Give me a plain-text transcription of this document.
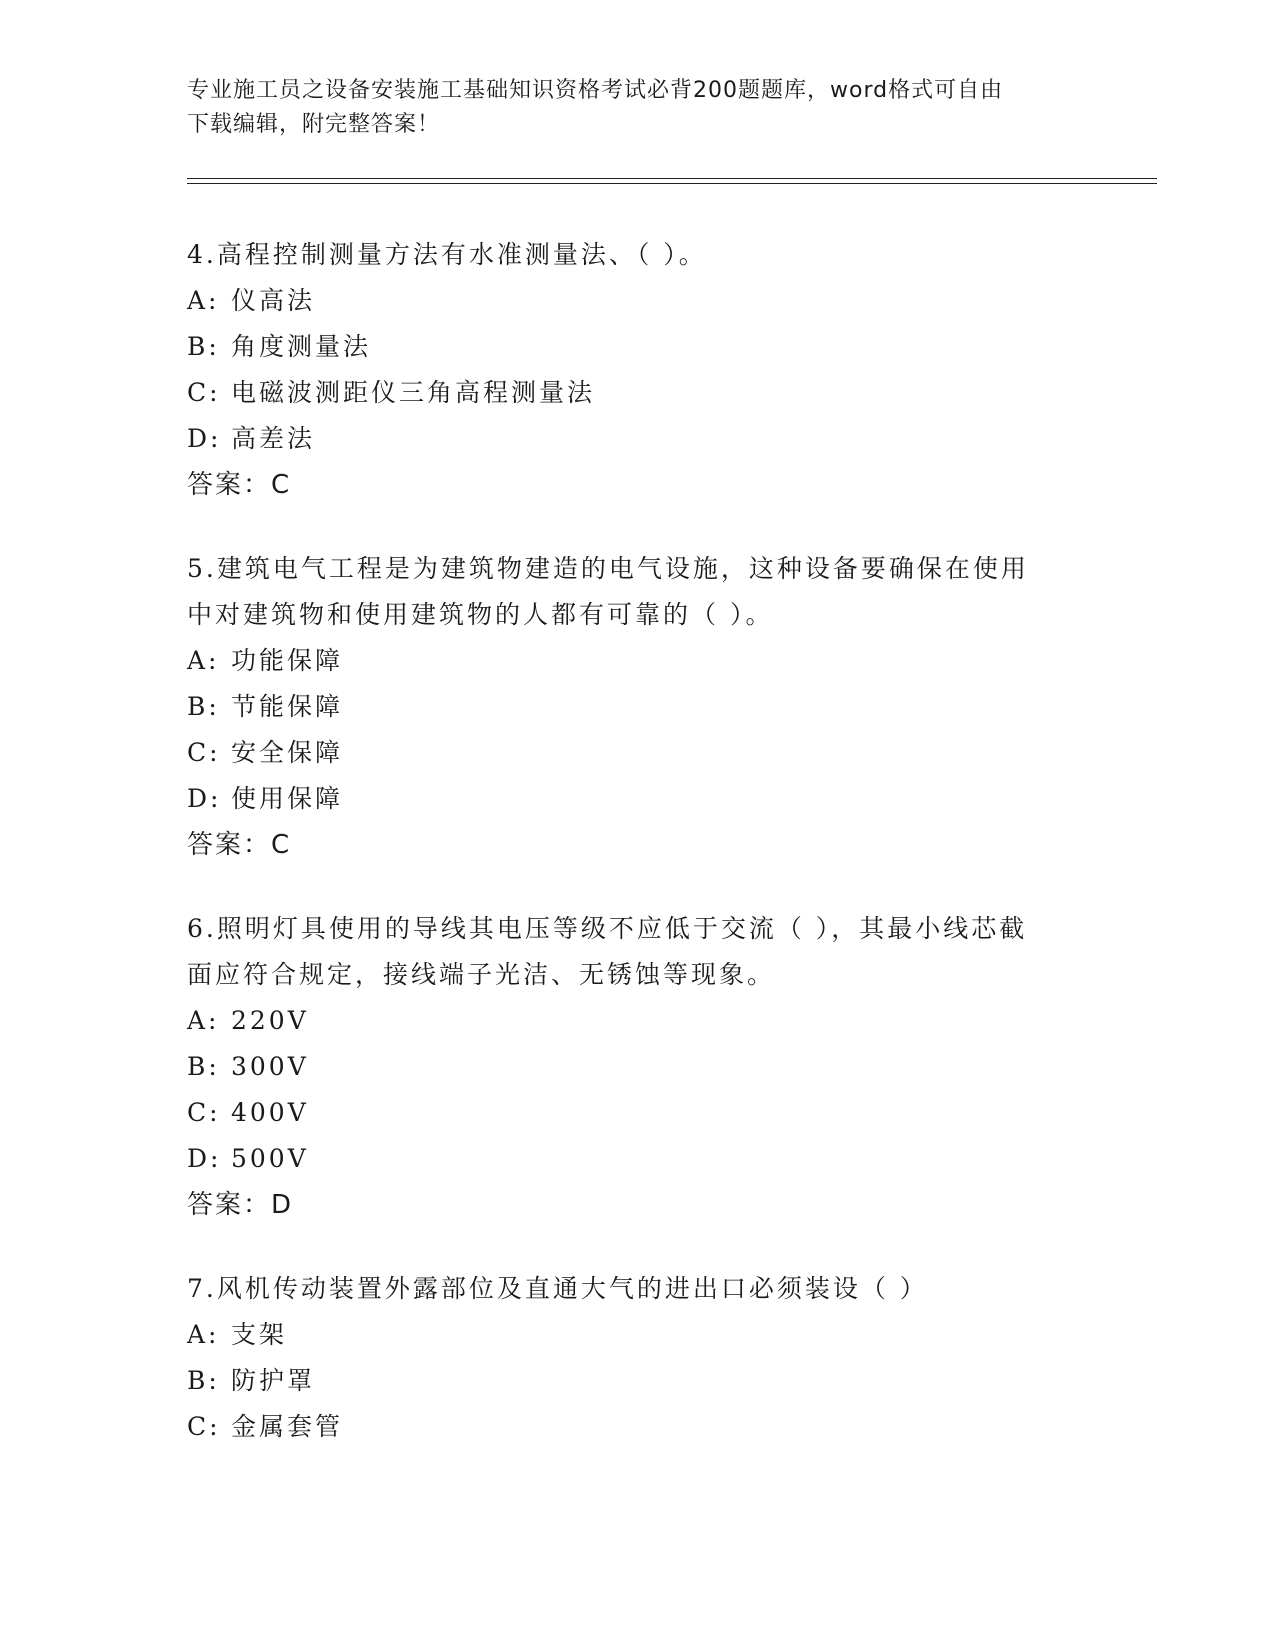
专业施工员之设备安装施工基础知识资格考试必背200题题库，word格式可自由
下载编辑，附完整答案！
4.高程控制测量方法有水准测量法、（ ）。
A: 仪高法
B: 角度测量法
C: 电磁波测距仪三角高程测量法
D: 高差法
答案：C
5.建筑电气工程是为建筑物建造的电气设施，这种设备要确保在使用
中对建筑物和使用建筑物的人都有可靠的（ ）。
A: 功能保障
B: 节能保障
C: 安全保障
D: 使用保障
答案：C
6.照明灯具使用的导线其电压等级不应低于交流（ ），其最小线芯截
面应符合规定，接线端子光洁、无锈蚀等现象。
A: 220V
B: 300V
C: 400V
D: 500V
答案：D
7.风机传动装置外露部位及直通大气的进出口必须装设（ ）
A: 支架
B: 防护罩
C: 金属套管
